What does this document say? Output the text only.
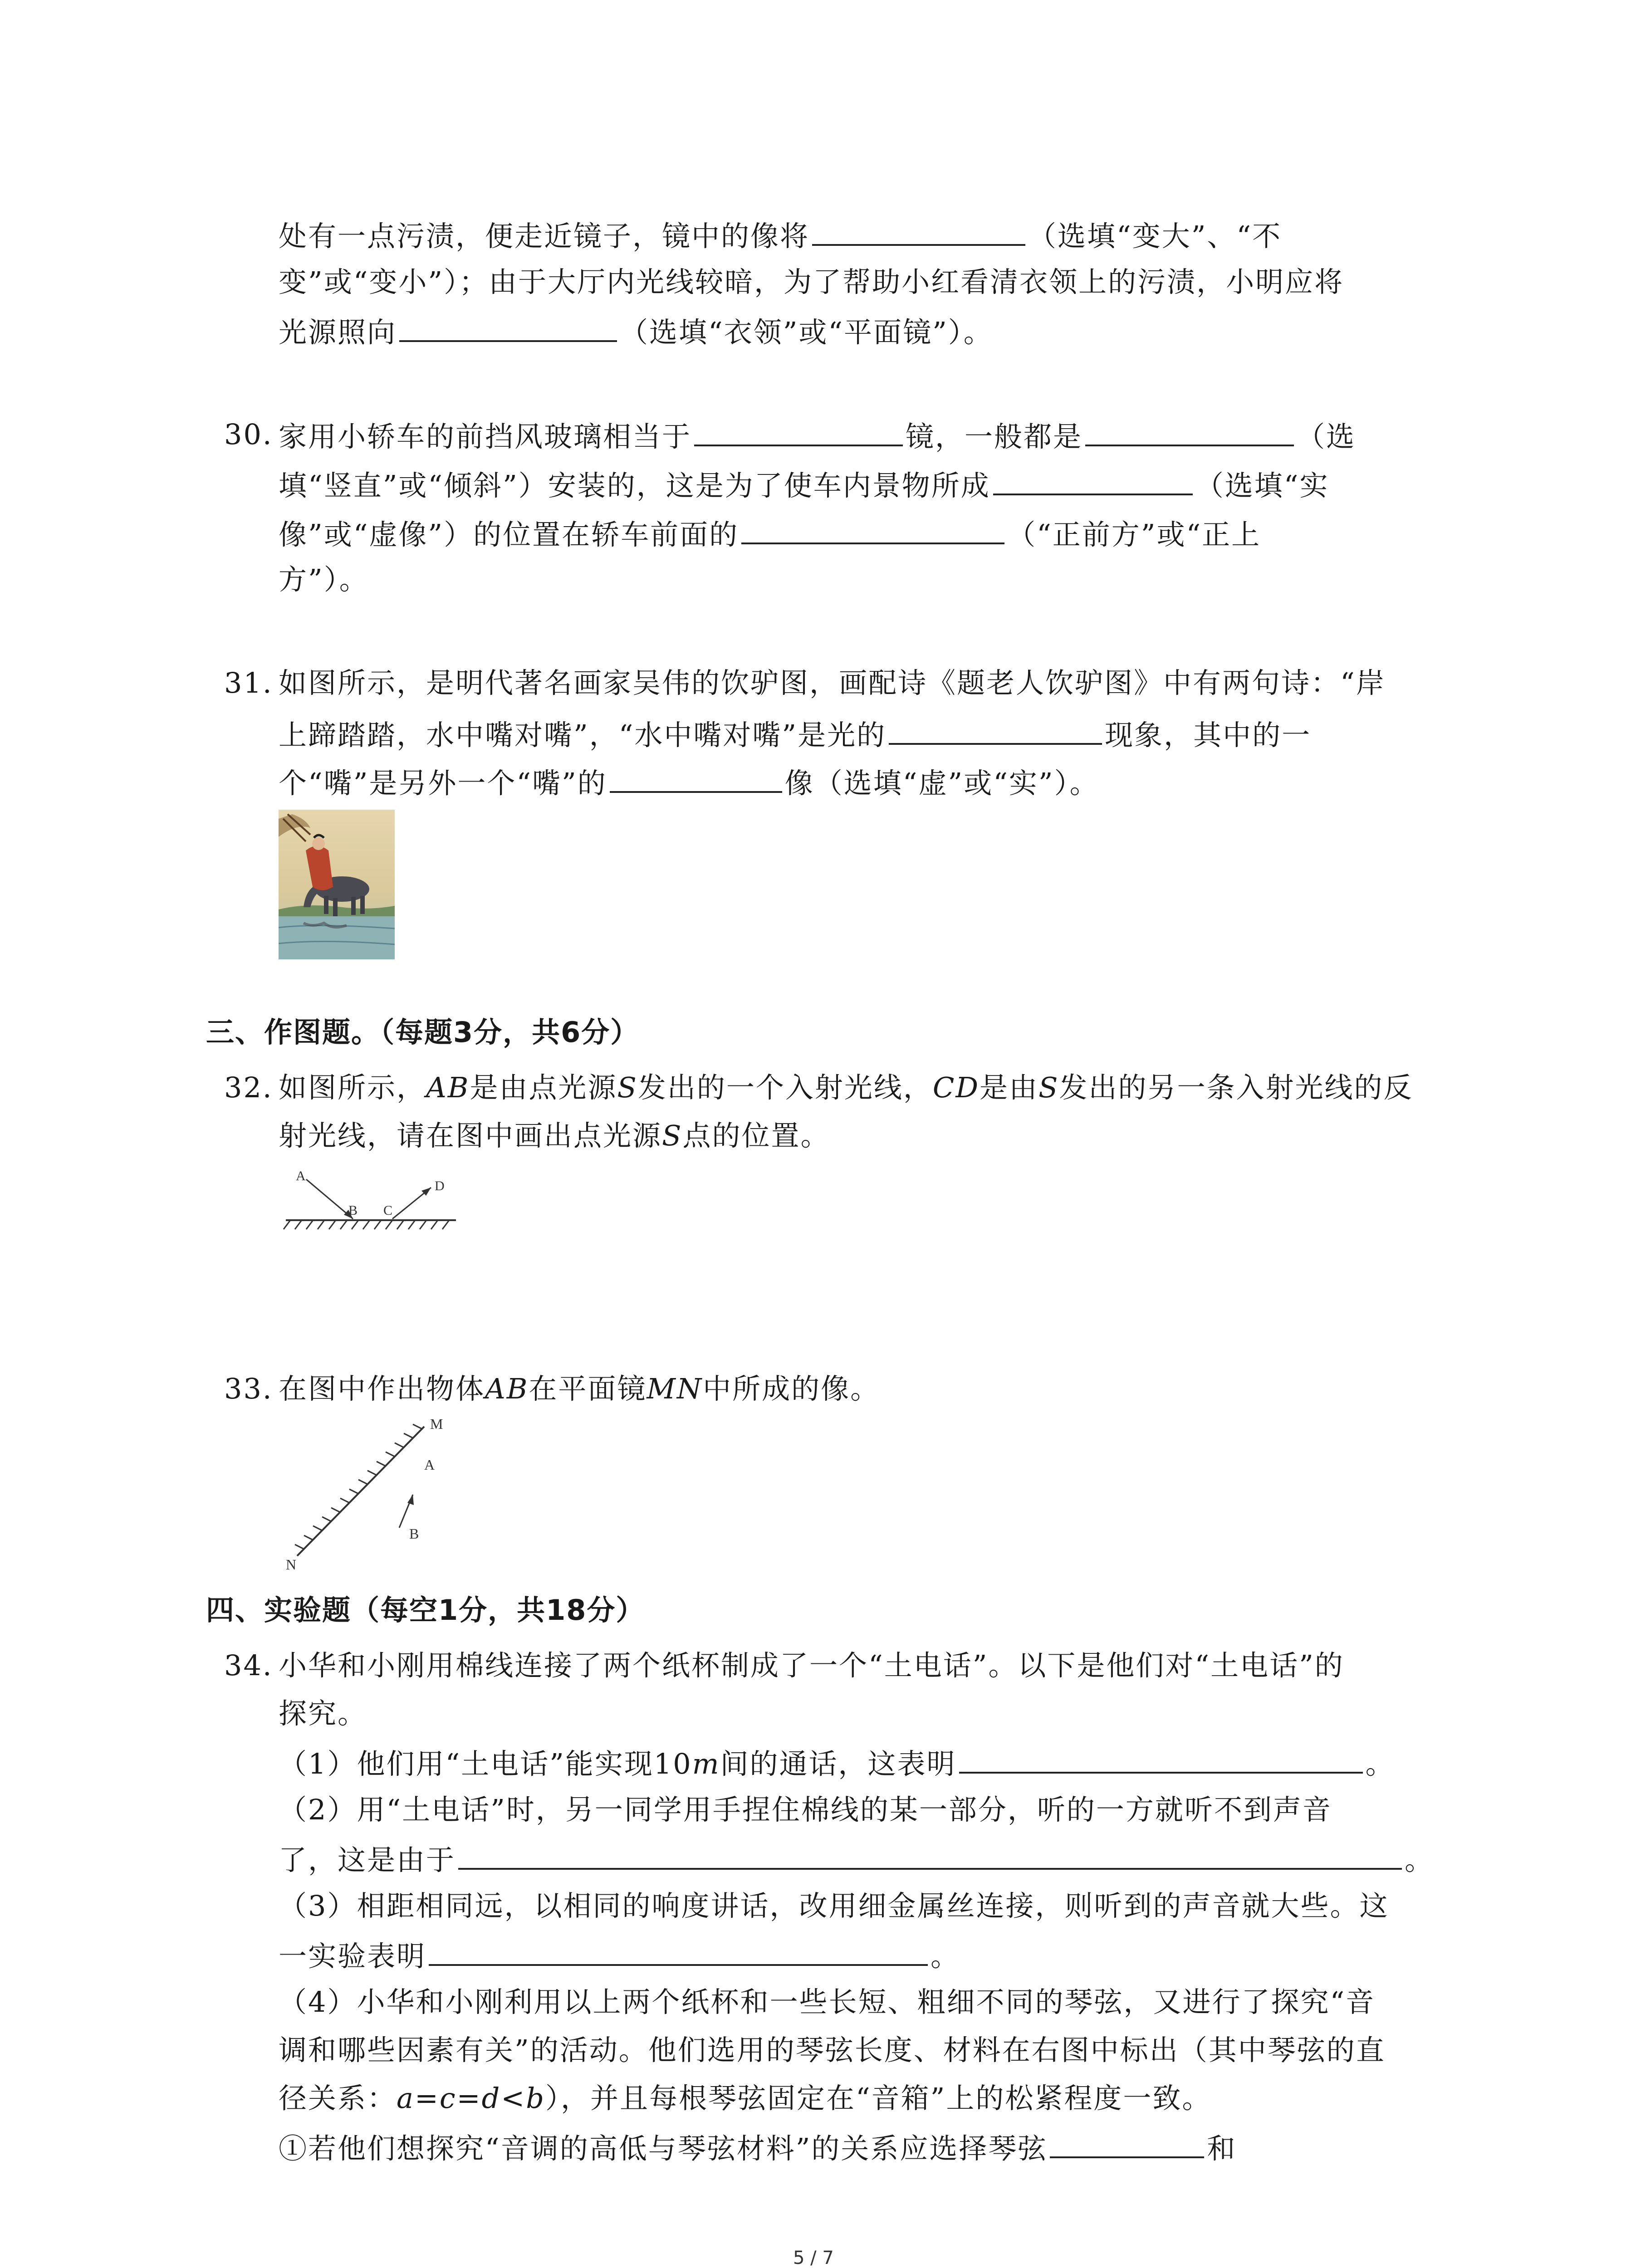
处有一点污渍，便走近镜子，镜中的像将	（选填“变大”、“不
变”或“变小”）；由于大厅内光线较暗，为了帮助小红看清衣领上的污渍，小明应将
光源照向	（选填“衣领”或“平面镜”）。
30. 家用小轿车的前挡风玻璃相当于	镜，一般都是	（选
填“竖直”或“倾斜”）安装的，这是为了使车内景物所成	（选填“实
像”或“虚像”）的位置在轿车前面的	（“正前方”或“正上
方”）。
31. 如图所示，是明代著名画家吴伟的饮驴图，画配诗《题老人饮驴图》中有两句诗：“岸
上蹄踏踏，水中嘴对嘴”，“水中嘴对嘴”是光的	现象，其中的一
个“嘴”是另外一个“嘴”的	像（选填“虚”或“实”）。
三、作图题。（每题3分，共6分）
32. 如图所示，AB是由点光源S发出的一个入射光线，CD是由S发出的另一条入射光线的反
射光线，请在图中画出点光源S点的位置。
A
B C
D
33. 在图中作出物体AB在平面镜MN中所成的像。
M
N
A
B
四、实验题（每空1分，共18分）
34. 小华和小刚用棉线连接了两个纸杯制成了一个“土电话”。以下是他们对“土电话”的
探究。
（1）他们用“土电话”能实现10m间的通话，这表明	。
（2）用“土电话”时，另一同学用手捏住棉线的某一部分，听的一方就听不到声音
了，这是由于	。
（3）相距相同远，以相同的响度讲话，改用细金属丝连接，则听到的声音就大些。这
一实验表明	。
（4）小华和小刚利用以上两个纸杯和一些长短、粗细不同的琴弦，又进行了探究“音
调和哪些因素有关”的活动。他们选用的琴弦长度、材料在右图中标出（其中琴弦的直
径关系：a=c=d<b），并且每根琴弦固定在“音箱”上的松紧程度一致。
①若他们想探究“音调的高低与琴弦材料”的关系应选择琴弦	和
5 / 7
